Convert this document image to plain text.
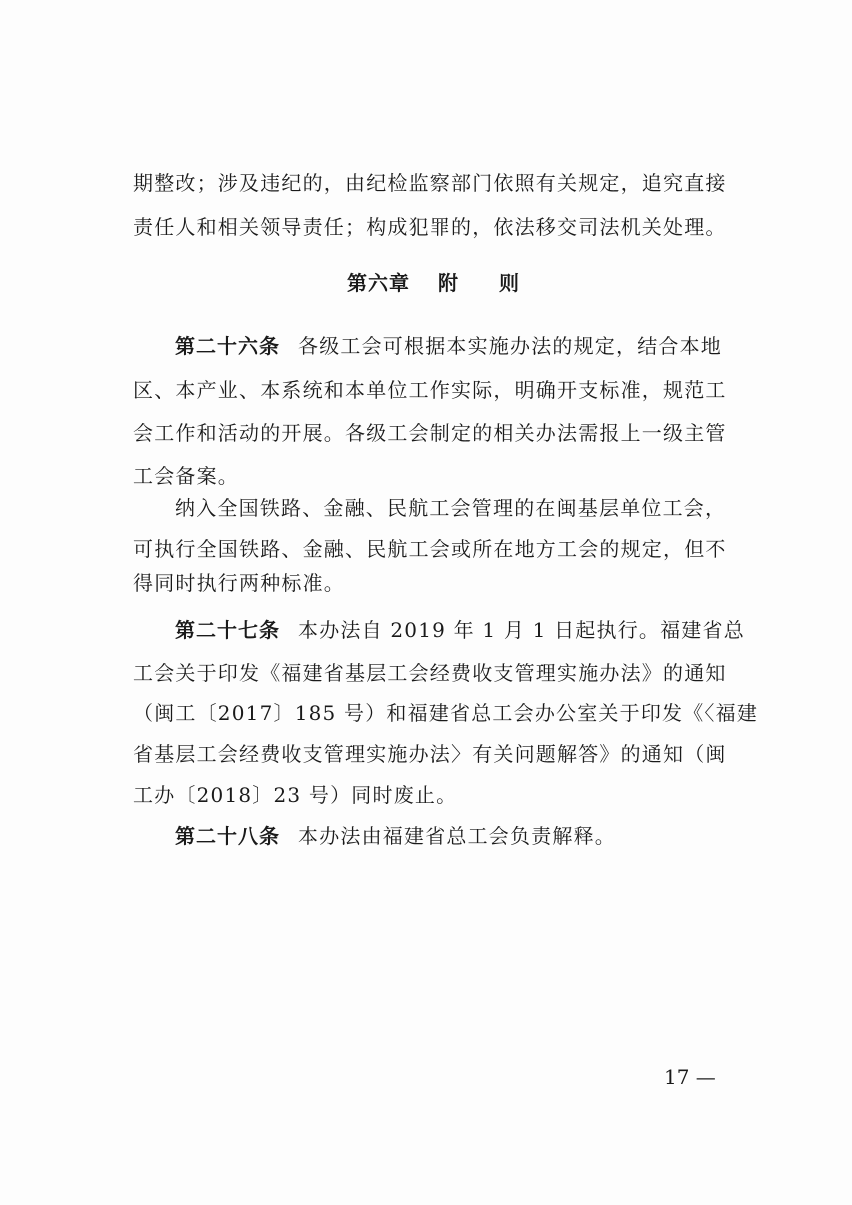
期整改；涉及违纪的，由纪检监察部门依照有关规定，追究直接
责任人和相关领导责任；构成犯罪的，依法移交司法机关处理。
第六章 附 则
第二十六条 各级工会可根据本实施办法的规定，结合本地
区、本产业、本系统和本单位工作实际，明确开支标准，规范工
会工作和活动的开展。各级工会制定的相关办法需报上一级主管
工会备案。
纳入全国铁路、金融、民航工会管理的在闽基层单位工会，
可执行全国铁路、金融、民航工会或所在地方工会的规定，但不
得同时执行两种标准。
第二十七条 本办法自 2019 年 1 月 1 日起执行。福建省总
工会关于印发《福建省基层工会经费收支管理实施办法》的通知
（闽工〔2017〕185 号）和福建省总工会办公室关于印发《〈福建
省基层工会经费收支管理实施办法〉有关问题解答》的通知（闽
工办〔2018〕23 号）同时废止。
第二十八条 本办法由福建省总工会负责解释。
17 —
